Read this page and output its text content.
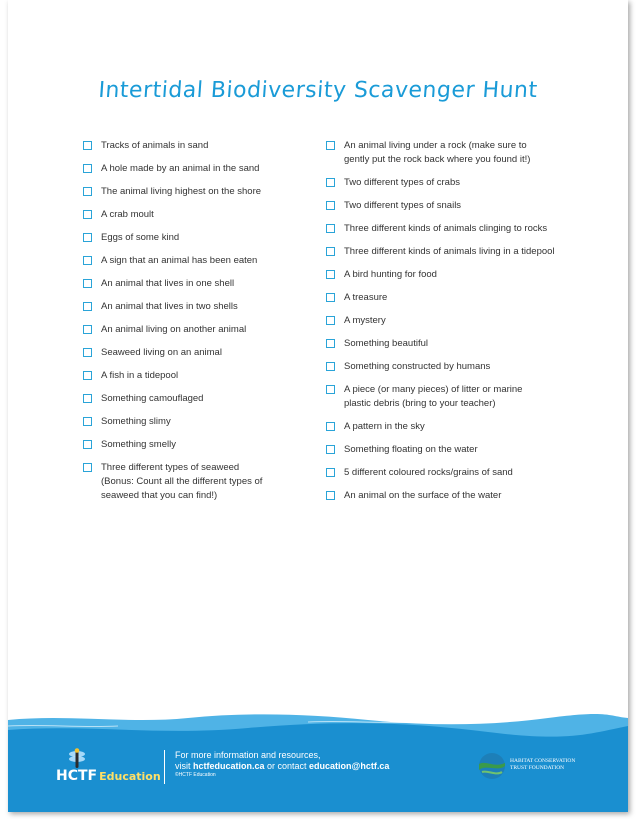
Intertidal Biodiversity Scavenger Hunt
Tracks of animals in sand
A hole made by an animal in the sand
The animal living highest on the shore
A crab moult
Eggs of some kind
A sign that an animal has been eaten
An animal that lives in one shell
An animal that lives in two shells
An animal living on another animal
Seaweed living on an animal
A fish in a tidepool
Something camouflaged
Something slimy
Something smelly
Three different types of seaweed (Bonus: Count all the different types of seaweed that you can find!)
An animal living under a rock (make sure to gently put the rock back where you found it!)
Two different types of crabs
Two different types of snails
Three different kinds of animals clinging to rocks
Three different kinds of animals living in a tidepool
A bird hunting for food
A treasure
A mystery
Something beautiful
Something constructed by humans
A piece (or many pieces) of litter or marine plastic debris (bring to your teacher)
A pattern in the sky
Something floating on the water
5 different coloured rocks/grains of sand
An animal on the surface of the water
HCTF Education
For more information and resources,
visit hctfeducation.ca or contact education@hctf.ca
©HCTF Education
HABITAT CONSERVATION
TRUST FOUNDATION
